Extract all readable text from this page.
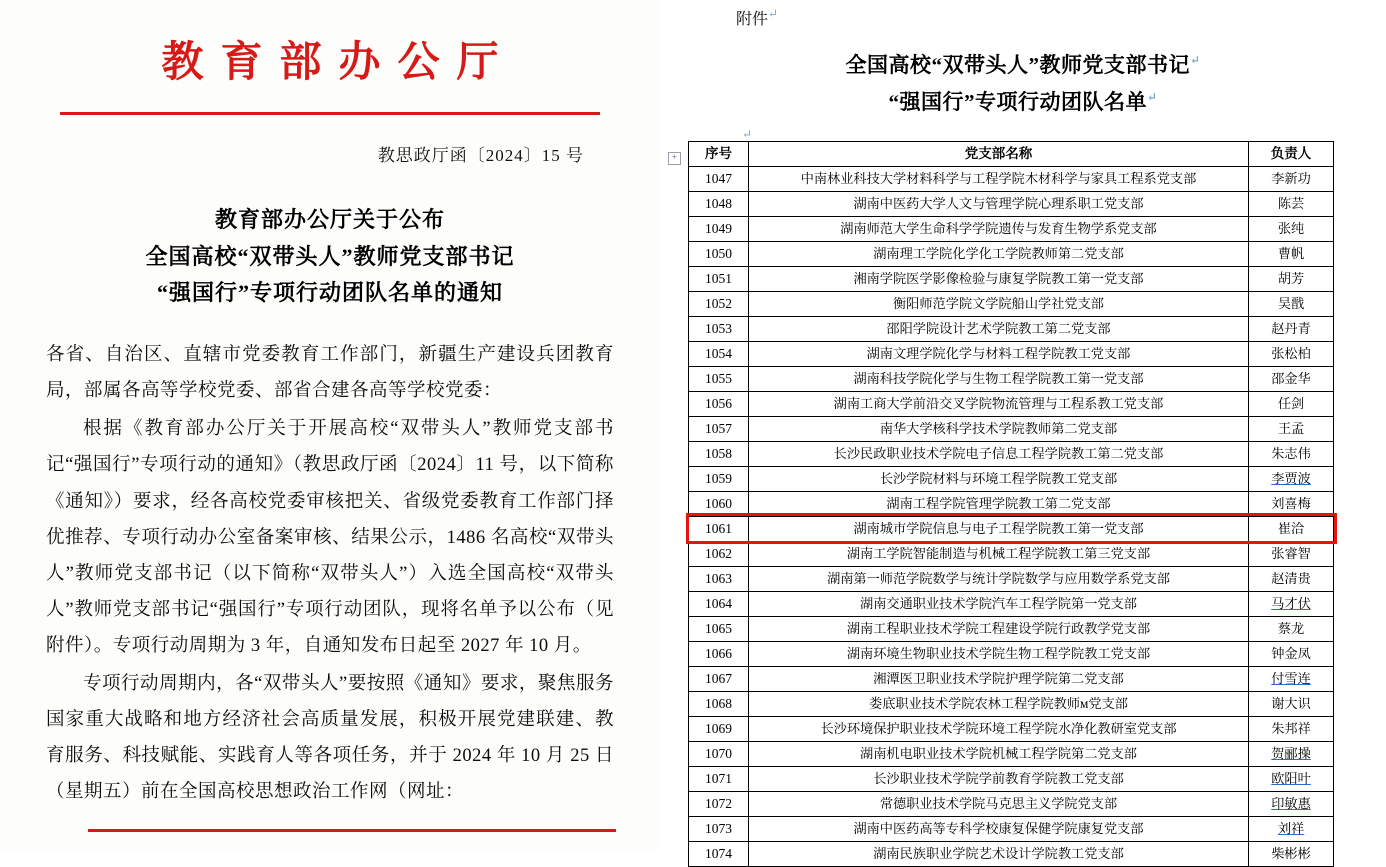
教育部办公厅
教思政厅函〔2024〕15 号
教育部办公厅关于公布
全国高校“双带头人”教师党支部书记
“强国行”专项行动团队名单的通知

各省、自治区、直辖市党委教育工作部门，新疆生产建设兵团教育局，部属各高等学校党委、部省合建各高等学校党委：

根据《教育部办公厅关于开展高校“双带头人”教师党支部书记“强国行”专项行动的通知》（教思政厅函〔2024〕11 号，以下简称《通知》）要求，经各高校党委审核把关、省级党委教育工作部门择优推荐、专项行动办公室备案审核、结果公示，1486 名高校“双带头人”教师党支部书记（以下简称“双带头人”）入选全国高校“双带头人”教师党支部书记“强国行”专项行动团队，现将名单予以公布（见附件）。专项行动周期为 3 年，自通知发布日起至 2027 年 10 月。

专项行动周期内，各“双带头人”要按照《通知》要求，聚焦服务国家重大战略和地方经济社会高质量发展，积极开展党建联建、教育服务、科技赋能、实践育人等各项任务，并于 2024 年 10 月 25 日（星期五）前在全国高校思想政治工作网（网址：

附件↵
全国高校“双带头人”教师党支部书记↵
“强国行”专项行动团队名单↵
+
↵
序号	党支部名称	负责人
1047	中南林业科技大学材料科学与工程学院木材科学与家具工程系党支部	李新功
1048	湖南中医药大学人文与管理学院心理系职工党支部	陈芸
1049	湖南师范大学生命科学学院遗传与发育生物学系党支部	张纯
1050	湖南理工学院化学化工学院教师第二党支部	曹帆
1051	湘南学院医学影像检验与康复学院教工第一党支部	胡芳
1052	衡阳师范学院文学院船山学社党支部	吴戬
1053	邵阳学院设计艺术学院教工第二党支部	赵丹青
1054	湖南文理学院化学与材料工程学院教工党支部	张松柏
1055	湖南科技学院化学与生物工程学院教工第一党支部	邵金华
1056	湖南工商大学前沿交叉学院物流管理与工程系教工党支部	任剑
1057	南华大学核科学技术学院教师第二党支部	王孟
1058	长沙民政职业技术学院电子信息工程学院教工第二党支部	朱志伟
1059	长沙学院材料与环境工程学院教工党支部	李贾波
1060	湖南工程学院管理学院教工第二党支部	刘喜梅
1061	湖南城市学院信息与电子工程学院教工第一党支部	崔洽
1062	湖南工学院智能制造与机械工程学院教工第三党支部	张睿智
1063	湖南第一师范学院数学与统计学院数学与应用数学系党支部	赵清贵
1064	湖南交通职业技术学院汽车工程学院第一党支部	马才伏
1065	湖南工程职业技术学院工程建设学院行政教学党支部	蔡龙
1066	湖南环境生物职业技术学院生物工程学院教工党支部	钟金凤
1067	湘潭医卫职业技术学院护理学院第二党支部	付雪连
1068	娄底职业技术学院农林工程学院教师м党支部	谢大识
1069	长沙环境保护职业技术学院环境工程学院水净化教研室党支部	朱邦祥
1070	湖南机电职业技术学院机械工程学院第二党支部	贺郦操
1071	长沙职业技术学院学前教育学院教工党支部	欧阳叶
1072	常德职业技术学院马克思主义学院党支部	印敏惠
1073	湖南中医药高等专科学校康复保健学院康复党支部	刘祥
1074	湖南民族职业学院艺术设计学院教工党支部	柴彬彬
